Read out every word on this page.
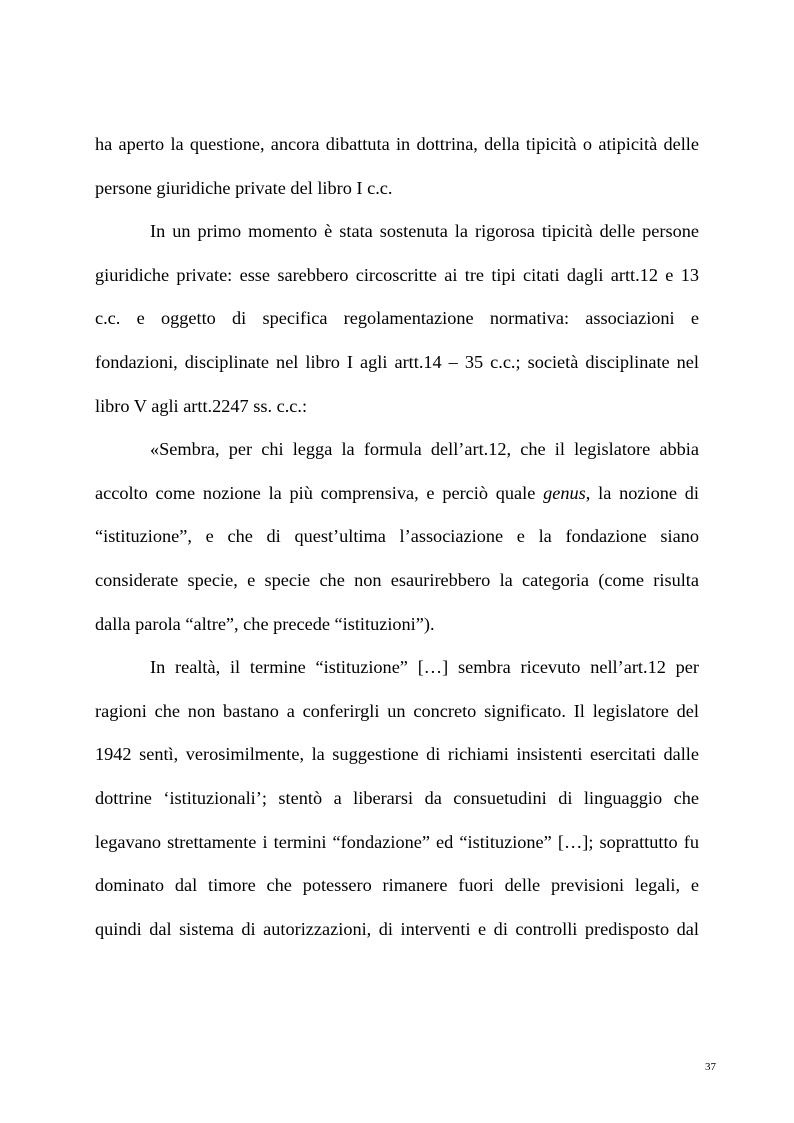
ha aperto la questione, ancora dibattuta in dottrina, della tipicità o atipicità delle
persone giuridiche private del libro I c.c.
In un primo momento è stata sostenuta la rigorosa tipicità delle persone
giuridiche private: esse sarebbero circoscritte ai tre tipi citati dagli artt.12 e 13
c.c. e oggetto di specifica regolamentazione normativa: associazioni e
fondazioni, disciplinate nel libro I agli artt.14 – 35 c.c.; società disciplinate nel
libro V agli artt.2247 ss. c.c.:
«Sembra, per chi legga la formula dell’art.12, che il legislatore abbia
accolto come nozione la più comprensiva, e perciò quale genus, la nozione di
“istituzione”, e che di quest’ultima l’associazione e la fondazione siano
considerate specie, e specie che non esaurirebbero la categoria (come risulta
dalla parola “altre”, che precede “istituzioni”).
In realtà, il termine “istituzione” […] sembra ricevuto nell’art.12 per
ragioni che non bastano a conferirgli un concreto significato. Il legislatore del
1942 sentì, verosimilmente, la suggestione di richiami insistenti esercitati dalle
dottrine ‘istituzionali’; stentò a liberarsi da consuetudini di linguaggio che
legavano strettamente i termini “fondazione” ed “istituzione” […]; soprattutto fu
dominato dal timore che potessero rimanere fuori delle previsioni legali, e
quindi dal sistema di autorizzazioni, di interventi e di controlli predisposto dal
37
